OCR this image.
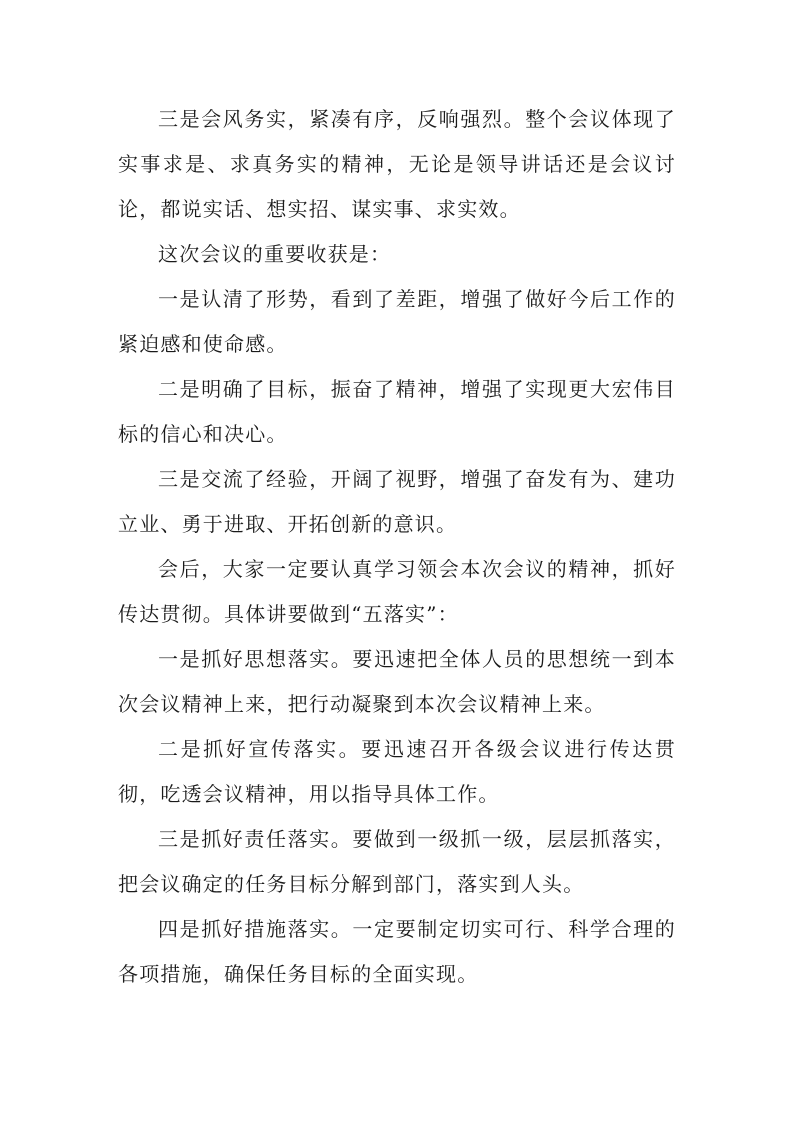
三是会风务实，紧凑有序，反响强烈。整个会议体现了实事求是、求真务实的精神，无论是领导讲话还是会议讨论，都说实话、想实招、谋实事、求实效。

这次会议的重要收获是：

一是认清了形势，看到了差距，增强了做好今后工作的紧迫感和使命感。

二是明确了目标，振奋了精神，增强了实现更大宏伟目标的信心和决心。

三是交流了经验，开阔了视野，增强了奋发有为、建功立业、勇于进取、开拓创新的意识。

会后，大家一定要认真学习领会本次会议的精神，抓好传达贯彻。具体讲要做到“五落实”：

一是抓好思想落实。要迅速把全体人员的思想统一到本次会议精神上来，把行动凝聚到本次会议精神上来。

二是抓好宣传落实。要迅速召开各级会议进行传达贯彻，吃透会议精神，用以指导具体工作。

三是抓好责任落实。要做到一级抓一级，层层抓落实，把会议确定的任务目标分解到部门，落实到人头。

四是抓好措施落实。一定要制定切实可行、科学合理的各项措施，确保任务目标的全面实现。
